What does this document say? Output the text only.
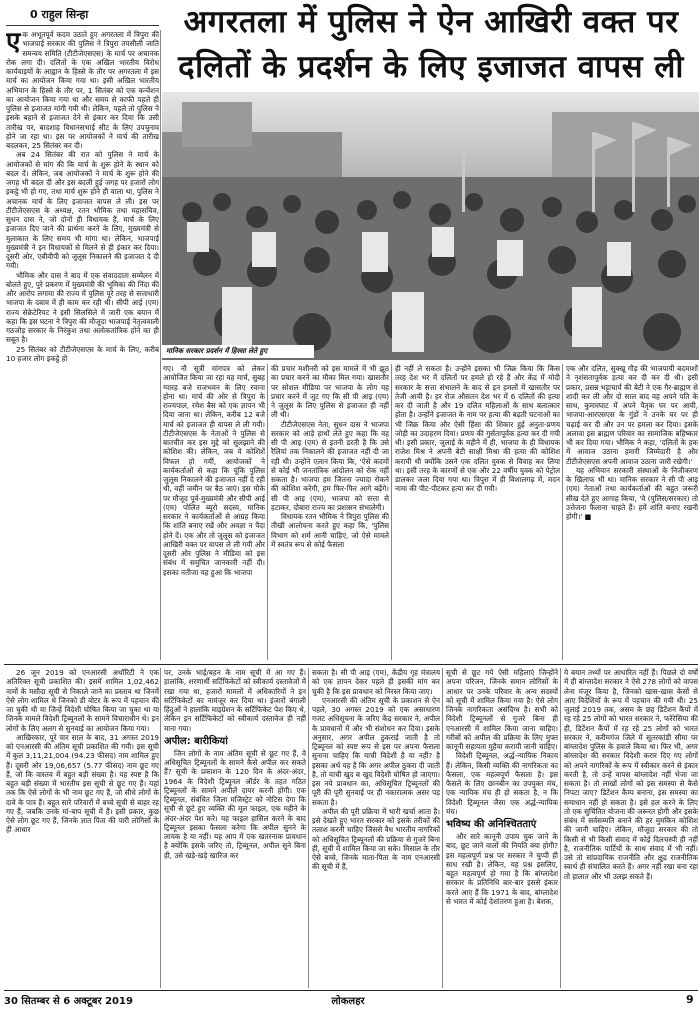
0 राहुल सिन्हा	अगरतला में पुलिस ने ऐन आखिरी वक्त पर
दलितों के प्रदर्शन के लिए इजाजत वापस ली

एक अभूतपूर्व कदम उठाते हुए अगरतला में त्रिपुरा की भाजपाई सरकार की पुलिस ने त्रिपुरा तपसीली जाति समन्वय समिति (टीटीजेएसएस) के मार्च पर अचानक रोक लगा दी। दलितों के एक अखिल भारतीय विरोध कार्यवाइयों के आह्वान के हिस्से के तौर पर अगरतला में इस मार्च का आयोजन किया गया था। इसी अखिल भारतीय अभियान के हिस्से के तौर पर, 1 सितंबर को एक कन्वेंशन का आयोजन किया गया था और समय से काफी पहले ही पुलिस से इजाजत मांगी गयी थी। लेकिन, पहले तो पुलिस ने इसके बहाने से इजाजत देने से इंकार कर दिया कि उसी तारीख पर, बादशाह विधानसभाई सीट के लिए उपचुनाव होने जा रहा था। इस पर आयोजकों ने मार्च की तारीख बदलकर, 25 सितंबर कर दी।

अब 24 सितंबर की रात को पुलिस ने मार्च के आयोजकों से मांग की कि मार्च के शुरू होने के स्थान को बदल दें। लेकिन, जब आयोजकों ने मार्च के शुरू होने की जगह भी बदल दी और इस बदली हुई जगह पर हजारों लोग इकट्ठे भी हो गए, तथा मार्च शुरू होने ही वाला था, पुलिस ने अचानक मार्च के लिए इजाजत वापस ले ली। इस पर टीटीजेएसएस के अध्यक्ष, रतन भौमिक तथा महासचिव, सुधन दास ने, जो दोनों ही विधायक हैं, मार्च के लिए इजाजत दिए जाने की प्रार्थना करने के लिए, मुख्यमंत्री से मुलाकात के लिए समय भी मांगा था। लेकिन, भाजपाई मुख्यमंत्री ने इन विधायकों से मिलने से ही इंकार कर दिया। दूसरी ओर, एबीवीपी को जुलूस निकालने की इजाजत दे दी गयी।

भौमिक और दास ने बाद में एक संवाददाता सम्मेलन में बोलते हुए, पुरे प्रकरण में मुख्यमंत्री की भूमिका की निंदा की और आरोप लगाया की राज्य में पुलिस पूरे तरह से सत्ताधारी भाजपा के दबाव में ही काम कर रही थी। सीपी आई (एम) राज्य सेक्रेटेरियट ने इसी सिलसिले में जारी एक बयान में कहा कि इस घटना ने त्रिपुरा की मौजूदा भाजपाई नेतृत्ववाली गठजोड़ सरकार के निरंकुश तथा अलोकतांत्रिक होने का ही सबूत है।

25 सितंबर को टीटीजेएसएस के मार्च के लिए, करीब 10 हजार लोग इकट्ठे हो

मानिक सरकार प्रदर्शन में हिस्सा लेते हुए

गए। नौ सूत्री मांगपत्र को लेकर आयोजित किया जा रहा यह मार्च, सुबह ग्यारह बजे राजभवन के लिए रवाना होना था। मार्च की ओर से त्रिपुरा के राज्यपाल, रमेश बैस को एक ज्ञापन भी दिया जाना था। लेकिन, करीब 12 बजे मार्च को इजाजत ही वापस ले ली गयी। टीटीजेएसएस के नेताओं ने पुलिस से बातचीत कर इस मुद्दे को सुलझाने की कोशिश की। लेकिन, जब ये कोशिशें विफल हो गयीं, आयोजकों ने कार्यकर्ताओं से कहा कि चूंकि पुलिस जुलूस निकालने की इजाजत नहीं दे रही थी, वहीं जमीन पर बैठ जाएं। इस मौके पर मौजूद पूर्व-मुख्यमंत्री और सीपी आई (एम) पोलित ब्यूरो सदस्य, मानिक सरकार ने कार्यकर्ताओं से आग्रह किया कि शांति बनाए रखें और अवज्ञा न पैदा होने दें। एक और तो जुलूस को इजाजत आखिरी वक्त पर वापस ले ली गयी और दूसरी ओर पुलिस ने मीडिया को इस संबंध में समुचित जानकारी नहीं दी। इसका नतीजा यह हुआ कि भाजपा

की प्रचार मशीनरी को इस मामले में भी झूठ का प्रचार करने का मौका मिल गया। खासतौर पर सोशल मीडिया पर भाजपा के लोग यह प्रचार करने में जुट गए कि सी पी आइ (एम) ने जुलूस के लिए पुलिस से इजाजत ही नहीं ली थी।

टीटीजेएसएस नेता, सुधन दास ने भाजपा सरकार को आड़े हाथों लेते हुए कहा कि वह सी पी आइ (एम) से इतनी डरती है कि उसे रैलियां तक निकालने की इजाजत नहीं दी जा रही थी। उन्होंने एलान किया कि, 'ऐसे कदमों से कोई भी जनतांत्रिक आंदोलन को रोक नहीं सकता है। भाजपा हम जितना ज्यादा रोकने की कोशिश करेगी, हम फिर-फिर आगे बढ़ेंगे। सी पी आइ (एम), भाजपा को सत्ता से हटाकर, दोबारा राज्य का प्रशासन संभालेगी।

विधायक रतन भौमिक ने त्रिपुरा पुलिस की तीखी आलोचना करते हुए कहा कि, 'पुलिस विभाग को शर्म आनी चाहिए, जो ऐसे मामले में स्वतंत्र रूप से कोई फैसला

ही नहीं ले सकता है। उन्होंने इसका भी जिक्र किया कि किस तरह देश भर में दलितों पर हमले हो रहे हैं और केंद्र में मोदी सरकार के सत्ता संभालने के बाद से इन हमलों में खासतौर पर तेजी आयी है। हर रोज औसतन देश भर में 6 दलितों की हत्या कर दी जाती है और 19 दलित महिलाओं के साथ बलात्कार होता है। उन्होंने इजाजत के नाम पर हत्या की बढ़ती घटनाओं का भी जिक्र किया और ऐसी हिंसा की शिकार हुई अनुता-प्रणय जोड़ी का उदाहरण दिया। प्रणय की गुर्सतापूर्वक हत्या कर दी गयी थी। इसी प्रकार, जुलाई के महीने में ही, भाजपा के ही विधायक राजेश मिश्र ने अपनी बेटी साक्षी मिश्रा की हत्या की कोशिश करायी थी क्योंकि उसने एक दलित युवक से विवाह कर लिया था। इसी तरह के कारणों से एक और 22 वर्षीय युवक को पेट्रोल डालकर जला दिया गया था। त्रिपुरा में ही विशालगढ़ में, मदन नामा की पीट-पीटकर हत्या कर दी गयी।

एक और दलित, सुक्खू गौड़ की भाजपायी बदमाशों ने नृशंसतापूर्वक हत्या कर दी कर दी थी। इसी प्रकार, प्रसन्न भट्टाचार्य की बेटी ने एक गैर-ब्राह्मण से शादी कर ली और दो साल बाद वह अपने पति के साथ, कुमारघाट में अपने पैतृक घर पर आयी, भाजपा-आरएसएस के गुंडों ने उनके घर पर ही चढ़ाई कर दी और उन पर हमला कर दिया। इसके अलावा इस ब्राह्मण परिवार का सामाजिक बहिष्कार भी कर दिया गया। भौमिक ने कहा, 'दलितों के हक में आवाज उठाना हमारी जिम्मेदारी है और टीटीजेएसएस अपनी आवाज उठाना जारी रखेगी।'

यह अभियान सरकारी संस्थाओं के निजीकरण के खिलाफ भी था। मानिक सरकार ने सी पी आइ (एम) नेताओं तथा कार्यकर्ताओं की बहुत जरूरी सीख देते हुए आगाह किया, 'वे (पुलिस/सरकार) तो उत्तेजना फैलाना चाहते हैं। हमें शांति बनाए रखनी होगी।' ■

26 जून 2019 को एनआरसी अथॉरिटी ने एक अतिरिक्त सूची प्रकाशित की। इसमें शामिल 1,02,462 नामों के मसौदा सूची से निकाले जाने का प्रस्ताव था जिनमें ऐसे लोग शामिल थे जिनको डी वोटर के रूप में पहचान की जा चुकी थी या जिन्हें विदेशी घोषित किया जा चुका था या जिनके मामले विदेशी ट्रिब्यूनलों के सामने विचाराधीन थे। इन लोगों के लिए अलग से सुनवाई का आयोजन किया गया।

आखिरकार, पूरे चार साल के बाद, 31 अगस्त 2019 को एनआरसी की अंतिम सूची प्रकाशित की गयी। इस सूची में कुल 3,11,21,004 (94.23 फीसद) नाम शामिल हुए हैं। दूसरी ओर 19,06,657 (5.77 फीसद) नाम छूट गए हैं, जो कि वास्तव में बहुत बड़ी संख्या है। यह स्पष्ट है कि बहुत बड़ी संख्या में भारतीय इस सूची से छूट गए हैं। यहां तक कि ऐसे लोगों के भी नाम छूट गए हैं, जो सीधे लोगों के दावे के पात्र हैं। बहुत सारे परिवारों में बच्चे सूची से बाहर रह गए हैं, जबकि उनके मां-बाप सूची में हैं। इसी प्रकार, कुछ ऐसे लोग छूट गए हैं, जिनके ज्ञात पिता की पारी लोगिसों के ही आधार

पर, उनके भाई/बहन के नाम सूची में आ गए हैं। हालांकि, शरणार्थी सर्टिफिकेटों को स्वीकार्य दस्तावेजों में रखा गया था, हजारों मामलों में अधिकारियों ने इन सर्टिफिकेटों का नामंजूर कर दिया था। इंजारों बंगाली हिंदुओं ने हालांकि माइग्रेशन के सर्टिफिकेट पेश किए थे, लेकिन इन सर्टिफिकेटों को स्वीकार्य दस्तावेज ही नहीं माना गया।

अपील: बारीकियां

जिन लोगों के नाम अंतिम सूची से छूट गए हैं, वे अधिसूचित ट्रिब्यूनलों के सामने कैसे अपील कर सकते हैं? सूची के प्रकाशन के 120 दिन के अंदर-अंदर, 1964 के विदेशी ट्रिब्यूनल ऑर्डर के तहत गठित ट्रिब्यूनलों के सामने अपीलें दायर करनी होंगी। एक ट्रिब्यूनल, संबंधित जिला मजिस्ट्रेट को नोटिस देगा कि सूची से छूटे हुए व्यक्ति की मूल फाइल, एक महीने के अंदर-अंदर पेश करे। यह फाइल हासिल करने के बाद ट्रिब्यूनल इसका फैसला करेगा कि अपील सुनने के लायक है या नहीं। यह आप में एक खतरनाक प्रावधान है क्योंकि इसके जरिए तो, ट्रिब्यूनल, अपील सुने बिना ही, उसे खड़े-खड़े खारिज कर

सकता है। सी पी आइ (एम), केंद्रीय गृह मंत्रालय को एक ज्ञापन देकर पहले ही इसकी मांग कर चुकी है कि इस प्रावधान को निरस्त किया जाए।

एनआरसी की अंतिम सूची के प्रकाशन से ऐन पहले, 30 अगस्त 2019 को एक असाधारण गजट अधिसूचना के जरिए केंद्र सरकार ने, अपील के प्रावधानों में और भी संशोधन कर दिया। इसके अनुसार, अगर अपील ठुकराई जाती है तो ट्रिब्यूनल को स्पष्ट रूप से इस पर अपना फैसला सुनाना चाहिए कि याची विदेशी है या नहीं? है इसका अर्थ यह है कि अगर अपील ठुकरा दी जाती है, तो याची खुद ब खुद विदेशी घोषित हो जाएगा। इस नये प्रावधान का, अधिसूचित ट्रिब्यूनलों की पूरी की पूरी सुनवाई पर ही नकारात्मक असर पड़ सकता है।

अपील की पूरी प्रक्रिया में भारी खर्चा आता है। इसे देखते हुए भारत सरकार को इसके तरीकों की तलाश करनी चाहिए जिससे वैध भारतीय नागरिकों को अधिसूचित ट्रिब्यूनलों की प्रक्रिया से गुजरे बिना ही, सूची में शामिल किया जा सके। मिसाल के तौर ऐसे बच्चे, जिनके माता-पिता के नाम एनआरसी की सूची में हैं,

सूची से छूट गये ऐसी महिलाएं जिन्होंने अपना परिजन, जिनके समान लोगिसों के आधार पर उनके परिवार के अन्य सदस्यों को सूची में शामिल किया गया है। ऐसे लोग जिनके नागरिकता असंदिग्ध है। सभी को विदेशी ट्रिब्यूनलों से गुजरे बिना ही एनआरसी में शामिल किया जाना चाहिए। गरीबों को अपील की प्रक्रिया के लिए मुफ्त कानूनी सहायता मुहैया करायी जानी चाहिए।

विदेशी ट्रिब्यूनल, अर्द्ध-न्यायिक निकाय हैं। लेकिन, किसी व्यक्ति की नागरिकता का फैसला, एक महत्वपूर्ण फैसला है। इस फैसले के लिए छानबीन का उपयुक्त मंच, एक न्यायिक मंच ही हो सकता है, न कि विदेशी ट्रिब्यूनल जैसा एक अर्द्ध-न्यायिक मंच।

भविष्य की अनिश्चितताएं

और सारे कानूनी उपाय चुक जाने के बाद, छूट जाने वालों की नियति क्या होगी? इस महत्वपूर्ण प्रश्न पर सरकार ने चुप्पी ही साध रखी है। लेकिन, यह प्रश्न इसलिए, बहुत महत्वपूर्ण हो गया है कि बांग्लादेश सरकार के प्रतिनिधि बार-बार इससे इंकार करते आए हैं कि 1971 के बाद, बांग्लादेश से भारत में कोई देशांतरण हुआ है। बेशक,

ये बयान तथ्यों पर आधारित नहीं हैं। पिछले दो वर्षों में ही बांग्लादेश सरकार ने ऐसे 278 लोगों को वापस लेना मंजूर किया है, जिनको खास-खास केसों से आए विदेशियों के रूप में पहचान की गयी थी। 25 जुलाई 2019 तक, असम के छह डिटेंशन कैंपों में रह रहे 25 लोगों को भारत सरकार ने, फरेरेसिया की ही, डिटेंशन कैंपों में रह रहे 25 लोगों को भारत सरकार ने, करीमगंज जिले में सूतरकांडी सीमा पर बांग्लादेश पुलिस के हवाले किया था। फिर भी, अगर बांग्लादेश की सरकार विदेशी करार दिए गए लोगों को अपने नागरिकों के रूप में स्वीकार करने से इंकार करती है, तो उन्हें वापस बांग्लादेश नहीं भेजा जा सकता है। तो लाखों लोगों को इस समस्या से कैसे निपटा जाए? डिटेंशन कैम्प बनाना, इस समस्या का समाधान नहीं हो सकता है। इसे हल करने के लिए तो एक सुचिंतित योजना की जरूरत होगी और इसके संबंध में सर्वसम्मति बनाने की हर मुमकिन कोशिश की जानी चाहिए। लेकिन, मौजूदा सरकार की तो किसी से भी किसी संवाद में कोई दिलचस्पी ही नहीं है, राजनीतिक पार्टियों के साथ संवाद में भी नहीं। उसे तो सांप्रदायिक राजनीति और क्षुद्र राजनीतिक स्वार्थ ही संचालित करते हैं। अगर नहीं रखा बना रहा तो हालात और भी उलझ सकते हैं।

30 सितम्बर से 6 अक्टूबर 2019	लोकलहर	9
